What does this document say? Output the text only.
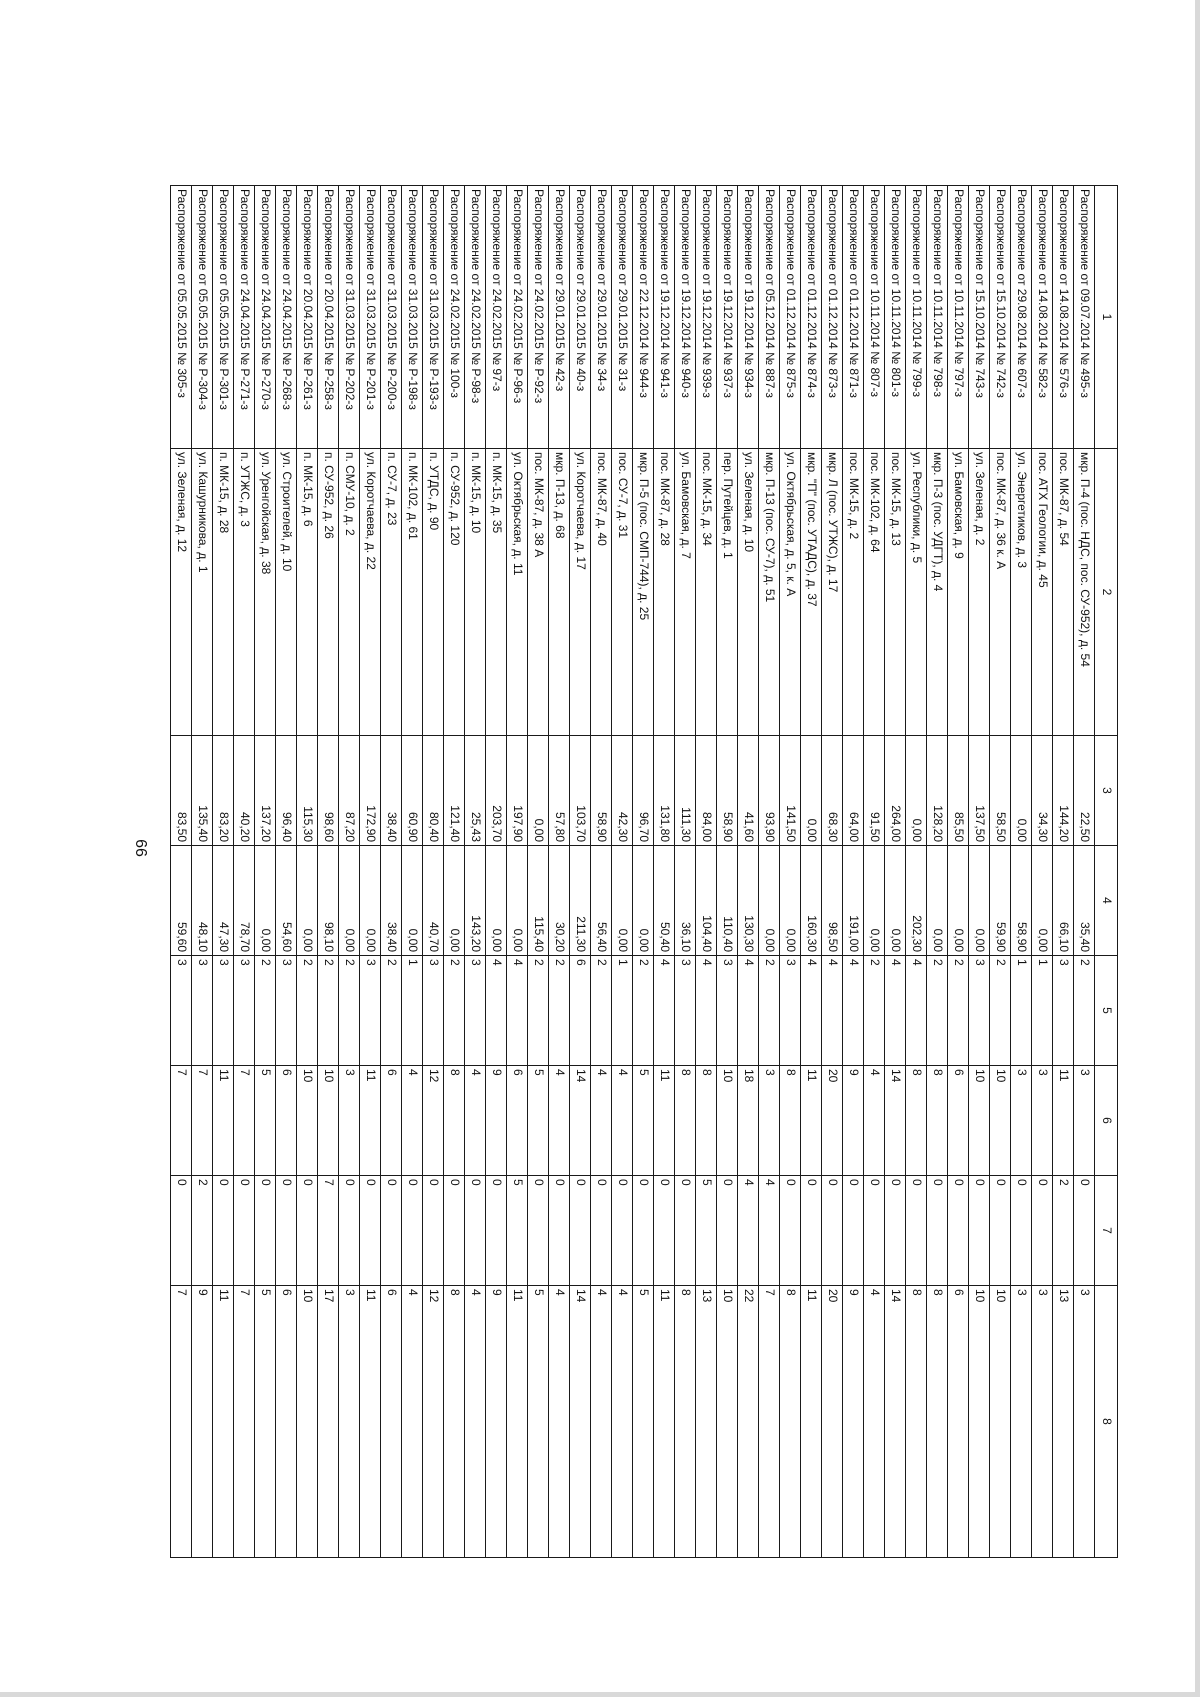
66
1	2	3	4	5	6	7	8
Распоряжение от 09.07.2014 № 495-з	мкр. П-4 (пос. НДС, пос. СУ-952), д. 54	22,50	35,40	2	3	0	3
Распоряжение от 14.08.2014 № 576-з	пос. МК-87, д. 54	144,20	66,10	3	11	2	13
Распоряжение от 14.08.2014 № 582-з	пос. АТХ Геологии, д. 45	34,30	0,00	1	3	0	3
Распоряжение от 29.08.2014 № 607-з	ул. Энергетиков, д. 3	0,00	58,90	1	3	0	3
Распоряжение от 15.10.2014 № 742-з	пос. МК-87, д. 36 к. А	58,50	59,90	2	10	0	10
Распоряжение от 15.10.2014 № 743-з	ул. Зеленая, д. 2	137,50	0,00	3	10	0	10
Распоряжение от 10.11.2014 № 797-з	ул. Бамовская, д. 9	85,50	0,00	2	6	0	6
Распоряжение от 10.11.2014 № 798-з	мкр. П-3 (пос. УДГТ), д. 4	128,20	0,00	2	8	0	8
Распоряжение от 10.11.2014 № 799-з	ул. Республики, д. 5	0,00	202,30	4	8	0	8
Распоряжение от 10.11.2014 № 801-з	пос. МК-15, д. 13	264,00	0,00	4	14	0	14
Распоряжение от 10.11.2014 № 807-з	пос. МК-102, д. 64	91,50	0,00	2	4	0	4
Распоряжение от 01.12.2014 № 871-з	пос. МК-15, д. 2	64,00	191,00	4	9	0	9
Распоряжение от 01.12.2014 № 873-з	мкр. Л (пос. УТЖС), д. 17	68,30	98,50	4	20	0	20
Распоряжение от 01.12.2014 № 874-з	мкр. "П" (пос. УТАДС), д. 37	0,00	160,30	4	11	0	11
Распоряжение от 01.12.2014 № 875-з	ул. Октябрьская, д. 5, к. А	141,50	0,00	3	8	0	8
Распоряжение от 05.12.2014 № 887-з	мкр. П-13 (пос. СУ-7), д. 51	93,90	0,00	2	3	4	7
Распоряжение от 19.12.2014 № 934-з	ул. Зеленая, д. 10	41,60	130,30	4	18	4	22
Распоряжение от 19.12.2014 № 937-з	пер. Путейцев, д. 1	58,90	110,40	3	10	0	10
Распоряжение от 19.12.2014 № 939-з	пос. МК-15, д. 34	84,00	104,40	4	8	5	13
Распоряжение от 19.12.2014 № 940-з	ул. Бамовская, д. 7	111,30	36,10	3	8	0	8
Распоряжение от 19.12.2014 № 941-з	пос. МК-87, д. 28	131,80	50,40	4	11	0	11
Распоряжение от 22.12.2014 № 944-з	мкр. П-5 (пос. СМП-744), д. 25	96,70	0,00	2	5	0	5
Распоряжение от 29.01.2015 № 31-з	пос. СУ-7, д. 31	42,30	0,00	1	4	0	4
Распоряжение от 29.01.2015 № 34-з	пос. МК-87, д. 40	58,90	56,40	2	4	0	4
Распоряжение от 29.01.2015 № 40-з	ул. Коротчаева, д. 17	103,70	211,30	6	14	0	14
Распоряжение от 29.01.2015 № 42-з	мкр. П-13, д. 68	57,80	30,20	2	4	0	4
Распоряжение от 24.02.2015 № Р-92-з	пос. МК-87, д. 38 А	0,00	115,40	2	5	0	5
Распоряжение от 24.02.2015 № Р-96-з	ул. Октябрьская, д. 11	197,90	0,00	4	6	5	11
Распоряжение от 24.02.2015 № 97-з	п. МК-15, д. 35	203,70	0,00	4	9	0	9
Распоряжение от 24.02.2015 № Р-98-з	п. МК-15, д. 10	25,43	143,20	3	4	0	4
Распоряжение от 24.02.2015 № 100-з	п. СУ-952, д. 120	121,40	0,00	2	8	0	8
Распоряжение от 31.03.2015 № Р-193-з	п. УТДС, д. 90	80,40	40,70	3	12	0	12
Распоряжение от 31.03.2015 № Р-198-з	п. МК-102, д. 61	60,90	0,00	1	4	0	4
Распоряжение от 31.03.2015 № Р-200-з	п. СУ-7, д. 23	38,40	38,40	2	6	0	6
Распоряжение от 31.03.2015 № Р-201-з	ул. Коротчаева, д. 22	172,90	0,00	3	11	0	11
Распоряжение от 31.03.2015 № Р-202-з	п. СМУ-10, д. 2	87,20	0,00	2	3	0	3
Распоряжение от 20.04.2015 № Р-258-з	п. СУ-952, д. 26	98,60	98,10	2	10	7	17
Распоряжение от 20.04.2015 № Р-261-з	п. МК-15, д. 6	115,30	0,00	2	10	0	10
Распоряжение от 24.04.2015 № Р-268-з	ул. Строителей, д. 10	96,40	54,60	3	6	0	6
Распоряжение от 24.04.2015 № Р-270-з	ул. Уренгойская, д. 38	137,20	0,00	2	5	0	5
Распоряжение от 24.04.2015 № Р-271-з	п. УТЖС, д. 3	40,20	78,70	3	7	0	7
Распоряжение от 05.05.2015 № Р-301-з	п. МК-15, д. 28	83,20	47,30	3	11	0	11
Распоряжение от 05.05.2015 № Р-304-з	ул. Кашурникова, д. 1	135,40	48,10	3	7	2	9
Распоряжение от 05.05.2015 № 305-з	ул. Зеленая, д. 12	83,50	59,60	3	7	0	7
